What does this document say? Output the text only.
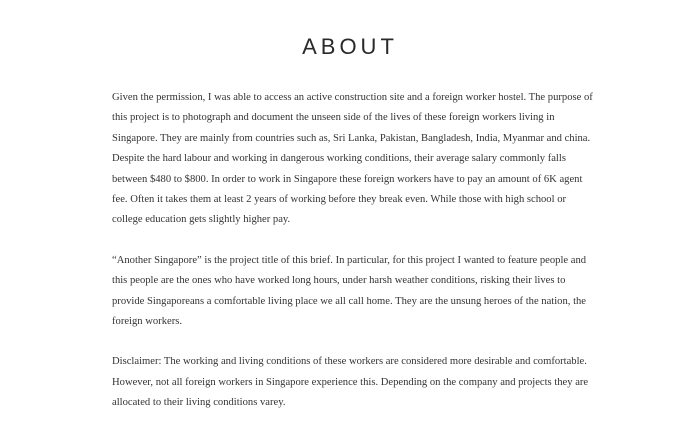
ABOUT

Given the permission, I was able to access an active construction site and a foreign worker hostel. The purpose of this project is to photograph and document the unseen side of the lives of these foreign workers living in Singapore. They are mainly from countries such as, Sri Lanka, Pakistan, Bangladesh, India, Myanmar and china. Despite the hard labour and working in dangerous working conditions, their average salary commonly falls between $480 to $800. In order to work in Singapore these foreign workers have to pay an amount of 6K agent fee. Often it takes them at least 2 years of working before they break even. While those with high school or college education gets slightly higher pay.

“Another Singapore” is the project title of this brief. In particular, for this project I wanted to feature people and this people are the ones who have worked long hours, under harsh weather conditions, risking their lives to provide Singaporeans a comfortable living place we all call home. They are the unsung heroes of the nation, the foreign workers.

Disclaimer: The working and living conditions of these workers are considered more desirable and comfortable. However, not all foreign workers in Singapore experience this. Depending on the company and projects they are allocated to their living conditions varey.
